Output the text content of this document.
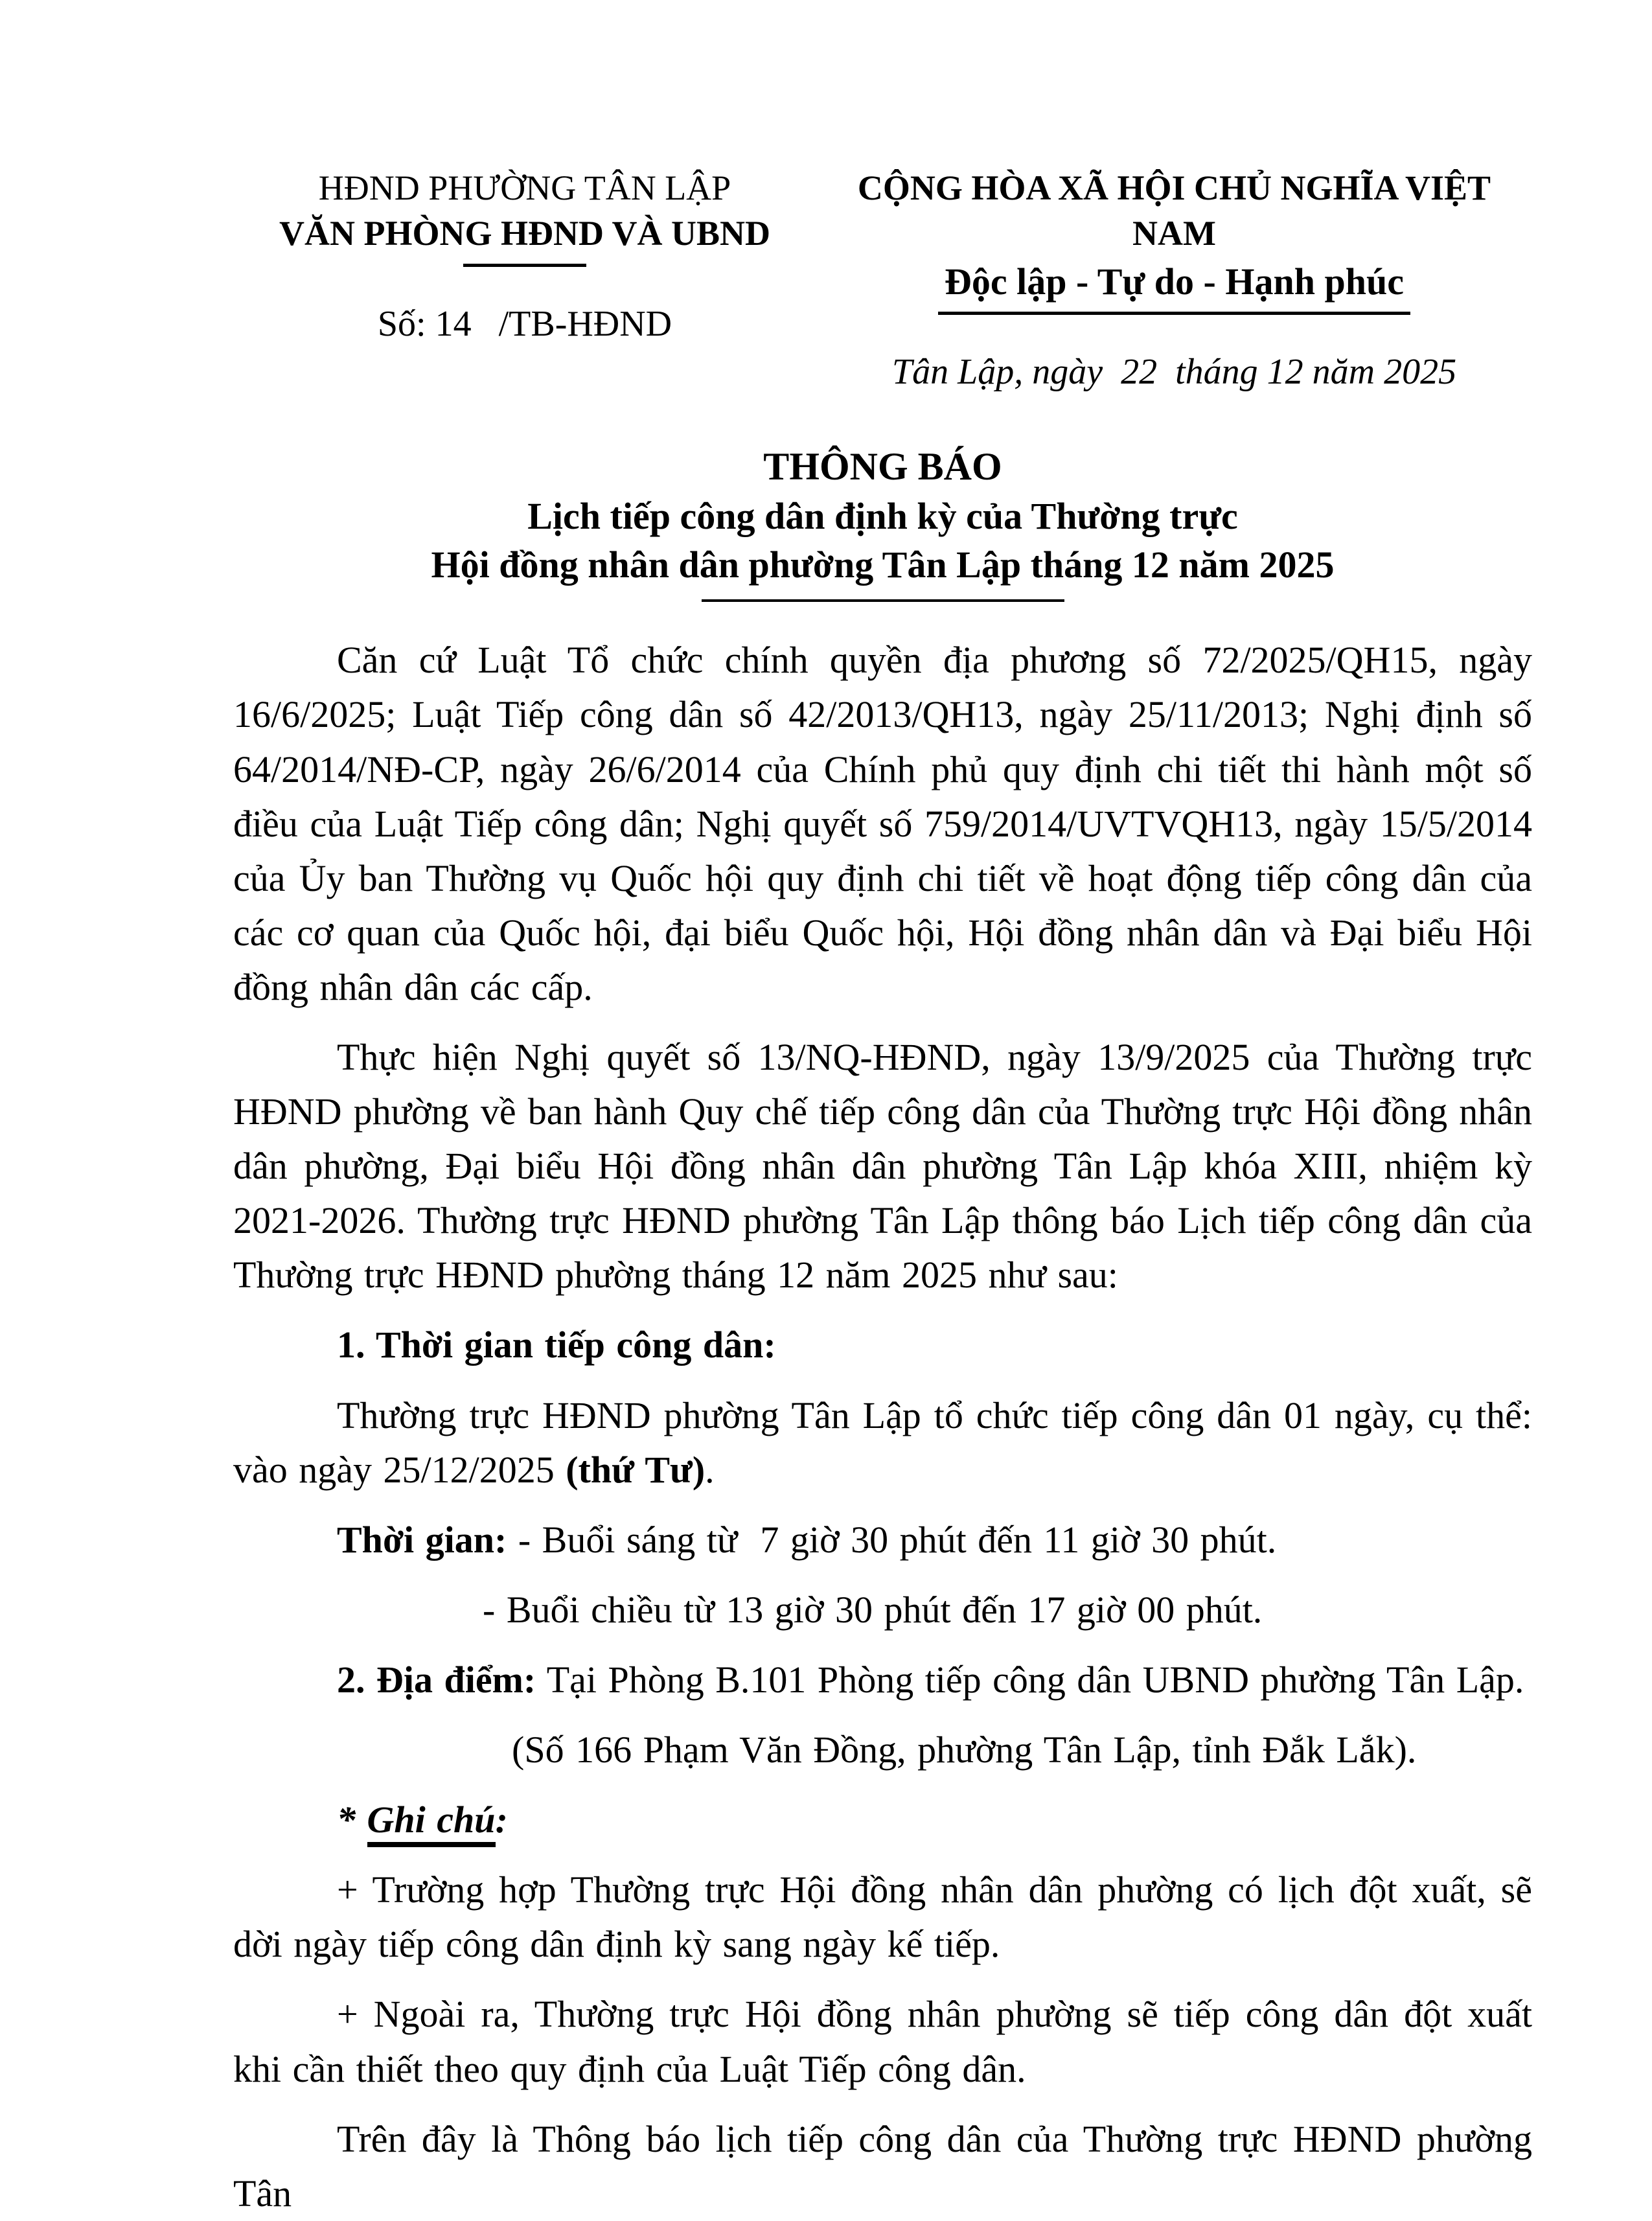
HĐND PHƯỜNG TÂN LẬP
VĂN PHÒNG HĐND VÀ UBND
Số: 14   /TB-HĐND
CỘNG HÒA XÃ HỘI CHỦ NGHĨA VIỆT NAM
Độc lập - Tự do - Hạnh phúc
Tân Lập, ngày  22  tháng 12 năm 2025
THÔNG BÁO
Lịch tiếp công dân định kỳ của Thường trực
Hội đồng nhân dân phường Tân Lập tháng 12 năm 2025

Căn cứ Luật Tổ chức chính quyền địa phương số 72/2025/QH15, ngày 16/6/2025; Luật Tiếp công dân số 42/2013/QH13, ngày 25/11/2013; Nghị định số 64/2014/NĐ-CP, ngày 26/6/2014 của Chính phủ quy định chi tiết thi hành một số điều của Luật Tiếp công dân; Nghị quyết số 759/2014/UVTVQH13, ngày 15/5/2014 của Ủy ban Thường vụ Quốc hội quy định chi tiết về hoạt động tiếp công dân của các cơ quan của Quốc hội, đại biểu Quốc hội, Hội đồng nhân dân và Đại biểu Hội đồng nhân dân các cấp.

Thực hiện Nghị quyết số 13/NQ-HĐND, ngày 13/9/2025 của Thường trực HĐND phường về ban hành Quy chế tiếp công dân của Thường trực Hội đồng nhân dân phường, Đại biểu Hội đồng nhân dân phường Tân Lập khóa XIII, nhiệm kỳ 2021-2026. Thường trực HĐND phường Tân Lập thông báo Lịch tiếp công dân của Thường trực HĐND phường tháng 12 năm 2025 như sau:

1. Thời gian tiếp công dân:

Thường trực HĐND phường Tân Lập tổ chức tiếp công dân 01 ngày, cụ thể: vào ngày 25/12/2025 (thứ Tư).

Thời gian: - Buổi sáng từ  7 giờ 30 phút đến 11 giờ 30 phút.

- Buổi chiều từ 13 giờ 30 phút đến 17 giờ 00 phút.

2. Địa điểm: Tại Phòng B.101 Phòng tiếp công dân UBND phường Tân Lập.

(Số 166 Phạm Văn Đồng, phường Tân Lập, tỉnh Đắk Lắk).

* Ghi chú:

+ Trường hợp Thường trực Hội đồng nhân dân phường có lịch đột xuất, sẽ dời ngày tiếp công dân định kỳ sang ngày kế tiếp.

+ Ngoài ra, Thường trực Hội đồng nhân phường sẽ tiếp công dân đột xuất khi cần thiết theo quy định của Luật Tiếp công dân.

Trên đây là Thông báo lịch tiếp công dân của Thường trực HĐND phường Tân
